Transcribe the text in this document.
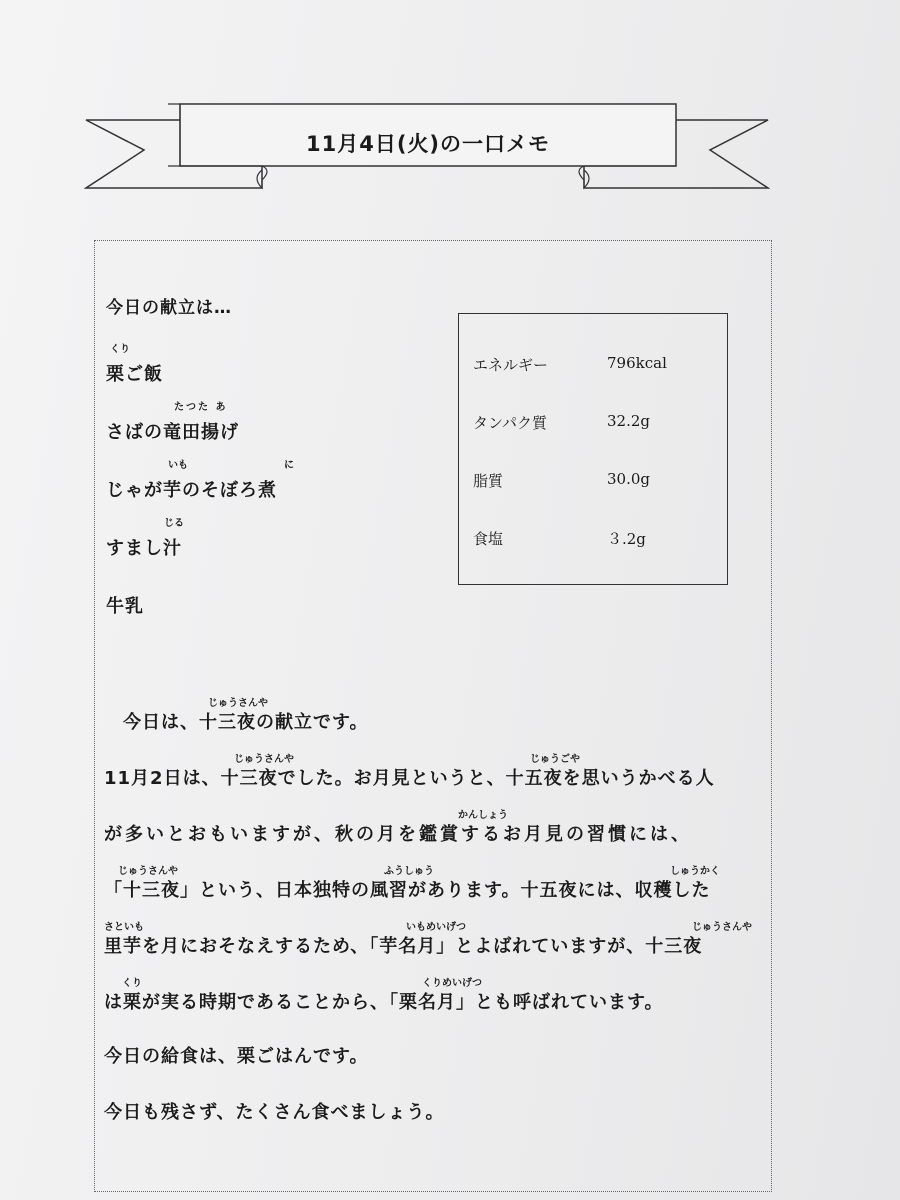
11月4日(火)の一口メモ
今日の献立は…
くり
栗ご飯
たつた あ
さばの竜田揚げ
いも	に
じゃが芋のそぼろ煮
じる
すまし汁
牛乳
エネルギー	796kcal
タンパク質	32.2g
脂質	30.0g
食塩	３.2g
じゅうさんや
　今日は、十三夜の献立です。
じゅうさんや	じゅうごや
11月2日は、十三夜でした。お月見というと、十五夜を思いうかべる人
かんしょう
が多いとおもいますが、秋の月を鑑賞するお月見の習慣には、
じゅうさんや	ふうしゅう	しゅうかく
「十三夜」という、日本独特の風習があります。十五夜には、収穫した
さといも	いもめいげつ	じゅうさんや
里芋を月におそなえするため、「芋名月」とよばれていますが、十三夜
くり	くりめいげつ
は栗が実る時期であることから、「栗名月」とも呼ばれています。
今日の給食は、栗ごはんです。
今日も残さず、たくさん食べましょう。
